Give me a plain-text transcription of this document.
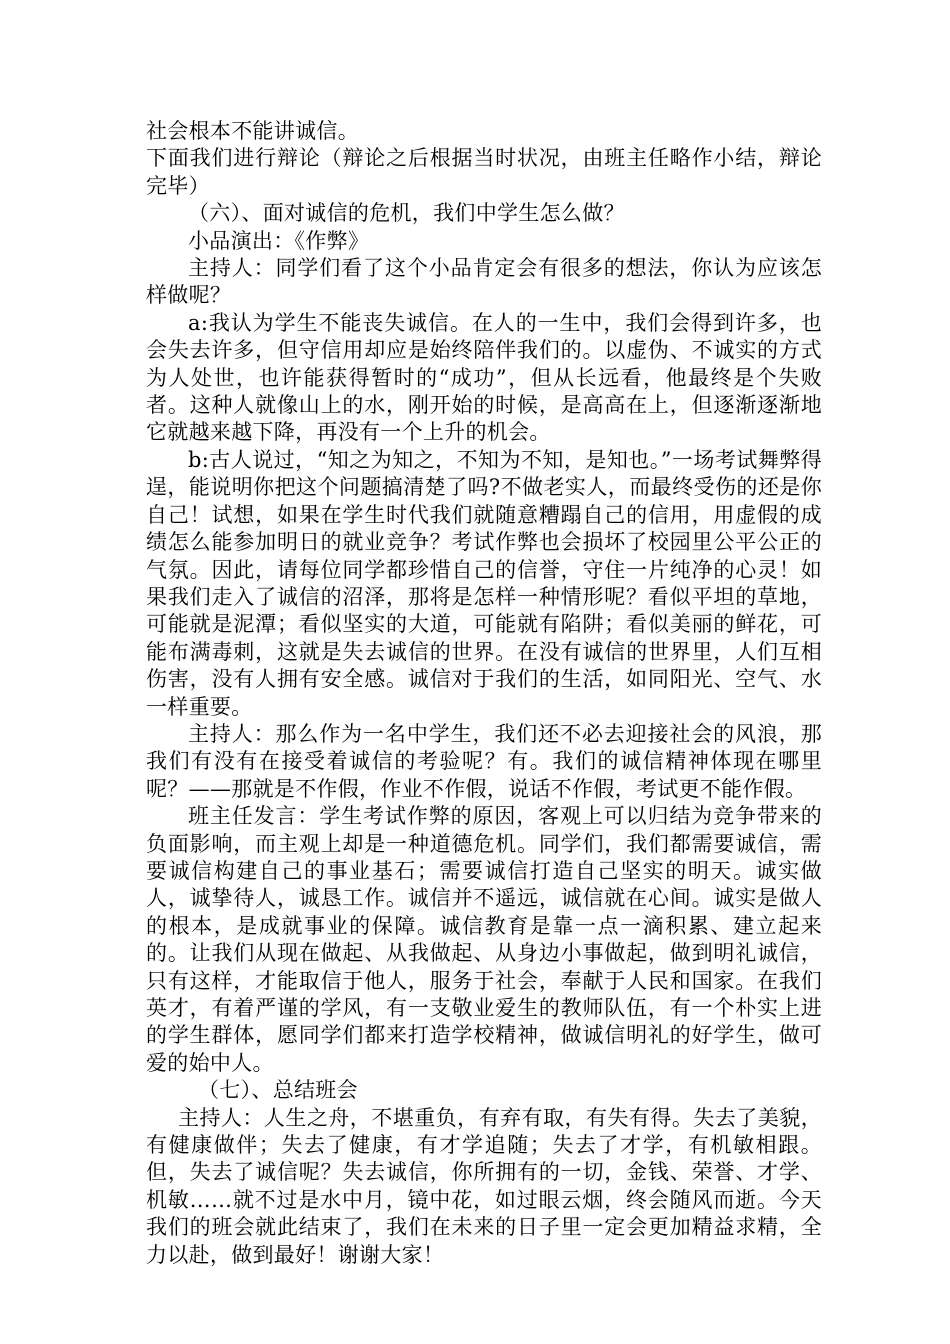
社会根本不能讲诚信。

下面我们进行辩论（辩论之后根据当时状况，由班主任略作小结，辩论完毕）

（六）、面对诚信的危机，我们中学生怎么做？

小品演出：《作弊》

主持人：同学们看了这个小品肯定会有很多的想法，你认为应该怎样做呢？

a:我认为学生不能丧失诚信。在人的一生中，我们会得到许多，也会失去许多，但守信用却应是始终陪伴我们的。以虚伪、不诚实的方式为人处世，也许能获得暂时的“成功”，但从长远看，他最终是个失败者。这种人就像山上的水，刚开始的时候，是高高在上，但逐渐逐渐地它就越来越下降，再没有一个上升的机会。

b:古人说过，“知之为知之，不知为不知，是知也。”一场考试舞弊得逞，能说明你把这个问题搞清楚了吗?不做老实人，而最终受伤的还是你自己！试想，如果在学生时代我们就随意糟蹋自己的信用，用虚假的成绩怎么能参加明日的就业竞争？考试作弊也会损坏了校园里公平公正的气氛。因此，请每位同学都珍惜自己的信誉，守住一片纯净的心灵！如果我们走入了诚信的沼泽，那将是怎样一种情形呢？看似平坦的草地，可能就是泥潭；看似坚实的大道，可能就有陷阱；看似美丽的鲜花，可能布满毒刺，这就是失去诚信的世界。在没有诚信的世界里，人们互相伤害，没有人拥有安全感。诚信对于我们的生活，如同阳光、空气、水一样重要。

主持人：那么作为一名中学生，我们还不必去迎接社会的风浪，那我们有没有在接受着诚信的考验呢？有。我们的诚信精神体现在哪里呢？——那就是不作假，作业不作假，说话不作假，考试更不能作假。

班主任发言：学生考试作弊的原因，客观上可以归结为竞争带来的负面影响，而主观上却是一种道德危机。同学们，我们都需要诚信，需要诚信构建自己的事业基石；需要诚信打造自己坚实的明天。诚实做人，诚挚待人，诚恳工作。诚信并不遥远，诚信就在心间。诚实是做人的根本，是成就事业的保障。诚信教育是靠一点一滴积累、建立起来的。让我们从现在做起、从我做起、从身边小事做起，做到明礼诚信，只有这样，才能取信于他人，服务于社会，奉献于人民和国家。在我们英才，有着严谨的学风，有一支敬业爱生的教师队伍，有一个朴实上进的学生群体，愿同学们都来打造学校精神，做诚信明礼的好学生，做可爱的始中人。

（七）、总结班会

主持人：人生之舟，不堪重负，有弃有取，有失有得。失去了美貌，有健康做伴；失去了健康，有才学追随；失去了才学，有机敏相跟。但，失去了诚信呢？失去诚信，你所拥有的一切，金钱、荣誉、才学、机敏……就不过是水中月，镜中花，如过眼云烟，终会随风而逝。今天我们的班会就此结束了，我们在未来的日子里一定会更加精益求精，全力以赴，做到最好！谢谢大家！
